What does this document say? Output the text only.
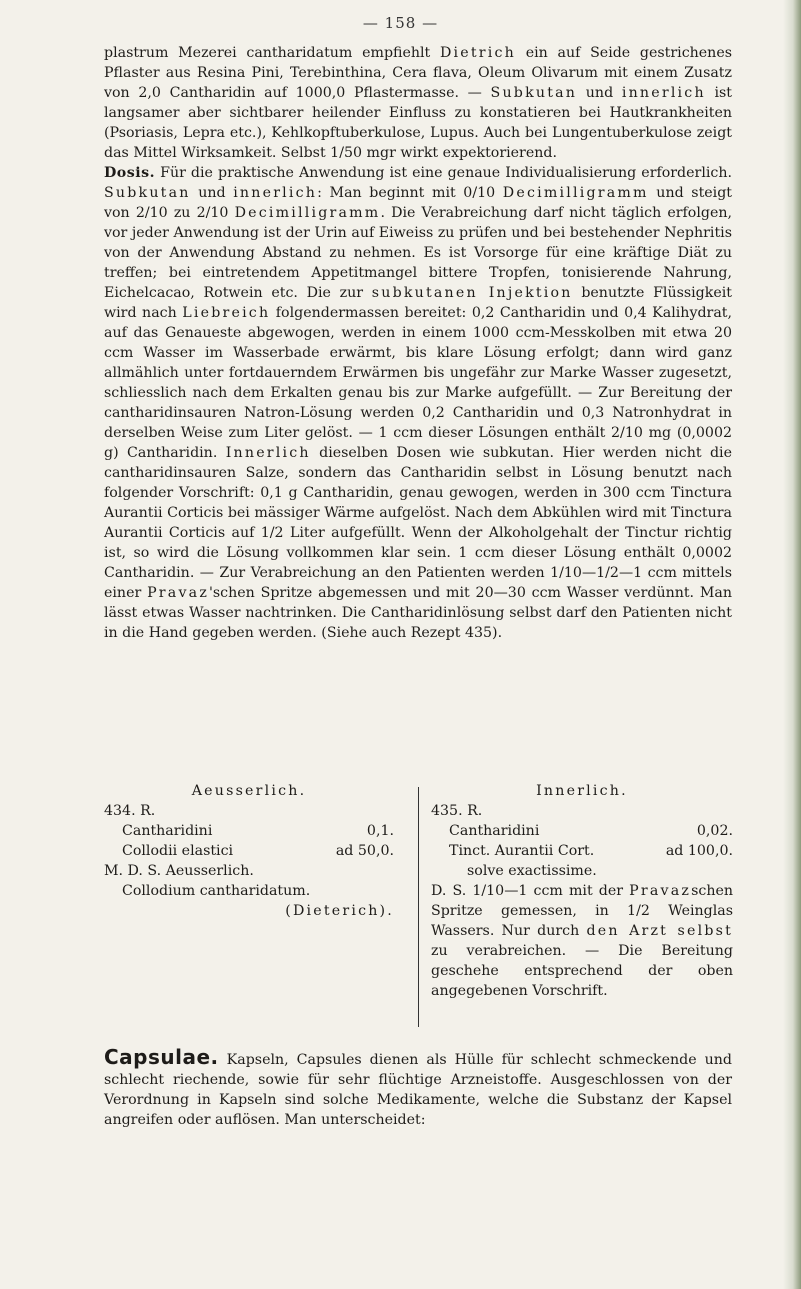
— 158 —

plastrum Mezerei cantharidatum empfiehlt Dietrich ein auf Seide gestrichenes Pflaster aus Resina Pini, Terebinthina, Cera flava, Oleum Olivarum mit einem Zusatz von 2,0 Cantharidin auf 1000,0 Pflastermasse. — Subkutan und innerlich ist langsamer aber sichtbarer heilender Einfluss zu konstatieren bei Hautkrankheiten (Psoriasis, Lepra etc.), Kehlkopftuberkulose, Lupus. Auch bei Lungentuberkulose zeigt das Mittel Wirksamkeit. Selbst 1/50 mgr wirkt expektorierend.
Dosis. Für die praktische Anwendung ist eine genaue Individualisierung erforderlich. Subkutan und innerlich: Man beginnt mit 0/10 Decimilligramm und steigt von 2/10 zu 2/10 Decimilligramm. Die Verabreichung darf nicht täglich erfolgen, vor jeder Anwendung ist der Urin auf Eiweiss zu prüfen und bei bestehender Nephritis von der Anwendung Abstand zu nehmen. Es ist Vorsorge für eine kräftige Diät zu treffen; bei eintretendem Appetitmangel bittere Tropfen, tonisierende Nahrung, Eichelcacao, Rotwein etc. Die zur subkutanen Injektion benutzte Flüssigkeit wird nach Liebreich folgendermassen bereitet: 0,2 Cantharidin und 0,4 Kalihydrat, auf das Genaueste abgewogen, werden in einem 1000 ccm-Messkolben mit etwa 20 ccm Wasser im Wasserbade erwärmt, bis klare Lösung erfolgt; dann wird ganz allmählich unter fortdauerndem Erwärmen bis ungefähr zur Marke Wasser zugesetzt, schliesslich nach dem Erkalten genau bis zur Marke aufgefüllt. — Zur Bereitung der cantharidinsauren Natron-Lösung werden 0,2 Cantharidin und 0,3 Natronhydrat in derselben Weise zum Liter gelöst. — 1 ccm dieser Lösungen enthält 2/10 mg (0,0002 g) Cantharidin. Innerlich dieselben Dosen wie subkutan. Hier werden nicht die cantharidinsauren Salze, sondern das Cantharidin selbst in Lösung benutzt nach folgender Vorschrift: 0,1 g Cantharidin, genau gewogen, werden in 300 ccm Tinctura Aurantii Corticis bei mässiger Wärme aufgelöst. Nach dem Abkühlen wird mit Tinctura Aurantii Corticis auf 1/2 Liter aufgefüllt. Wenn der Alkoholgehalt der Tinctur richtig ist, so wird die Lösung vollkommen klar sein. 1 ccm dieser Lösung enthält 0,0002 Cantharidin. — Zur Verabreichung an den Patienten werden 1/10—1/2—1 ccm mittels einer Pravaz'schen Spritze abgemessen und mit 20—30 ccm Wasser verdünnt. Man lässt etwas Wasser nachtrinken. Die Cantharidinlösung selbst darf den Patienten nicht in die Hand gegeben werden. (Siehe auch Rezept 435).

Aeusserlich.
434. R.
Cantharidini	0,1.
Collodii elastici	ad 50,0.
M. D. S. Aeusserlich.
Collodium cantharidatum.
(Dieterich).
Innerlich.
435. R.
Cantharidini	0,02.
Tinct. Aurantii Cort.	ad 100,0.
solve exactissime.
D. S. 1/10—1 ccm mit der Pravazschen Spritze gemessen, in 1/2 Weinglas Wassers. Nur durch den Arzt selbst zu verabreichen. — Die Bereitung geschehe entsprechend der oben angegebenen Vorschrift.

Capsulae. Kapseln, Capsules dienen als Hülle für schlecht schmeckende und schlecht riechende, sowie für sehr flüchtige Arzneistoffe. Ausgeschlossen von der Verordnung in Kapseln sind solche Medikamente, welche die Substanz der Kapsel angreifen oder auflösen. Man unterscheidet:
